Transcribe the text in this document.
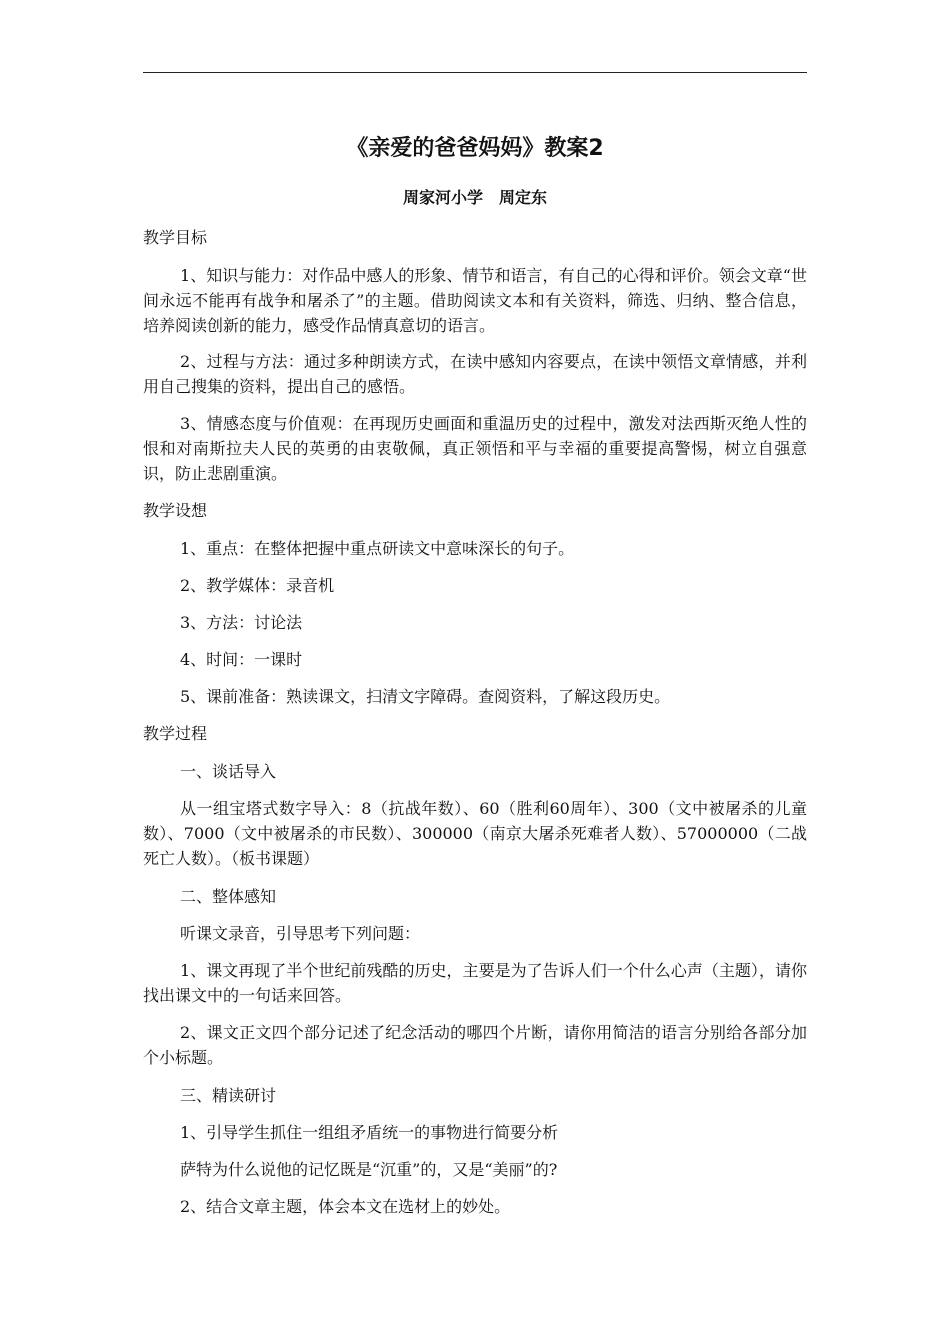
《亲爱的爸爸妈妈》教案2

周家河小学　周定东

教学目标

1、知识与能力：对作品中感人的形象、情节和语言，有自己的心得和评价。领会文章“世间永远不能再有战争和屠杀了”的主题。借助阅读文本和有关资料，筛选、归纳、整合信息，培养阅读创新的能力，感受作品情真意切的语言。

2、过程与方法：通过多种朗读方式，在读中感知内容要点，在读中领悟文章情感，并利用自己搜集的资料，提出自己的感悟。

3、情感态度与价值观：在再现历史画面和重温历史的过程中，激发对法西斯灭绝人性的恨和对南斯拉夫人民的英勇的由衷敬佩，真正领悟和平与幸福的重要提高警惕，树立自强意识，防止悲剧重演。

教学设想

1、重点：在整体把握中重点研读文中意味深长的句子。

2、教学媒体：录音机

3、方法：讨论法

4、时间：一课时

5、课前准备：熟读课文，扫清文字障碍。查阅资料，了解这段历史。

教学过程

一、谈话导入

从一组宝塔式数字导入：8（抗战年数）、60（胜利60周年）、300（文中被屠杀的儿童数）、7000（文中被屠杀的市民数）、300000（南京大屠杀死难者人数）、57000000（二战死亡人数）。（板书课题）

二、整体感知

听课文录音，引导思考下列问题：

1、课文再现了半个世纪前残酷的历史，主要是为了告诉人们一个什么心声（主题），请你找出课文中的一句话来回答。

2、课文正文四个部分记述了纪念活动的哪四个片断，请你用简洁的语言分别给各部分加个小标题。

三、精读研讨

1、引导学生抓住一组组矛盾统一的事物进行简要分析

萨特为什么说他的记忆既是“沉重”的，又是“美丽”的?

2、结合文章主题，体会本文在选材上的妙处。
